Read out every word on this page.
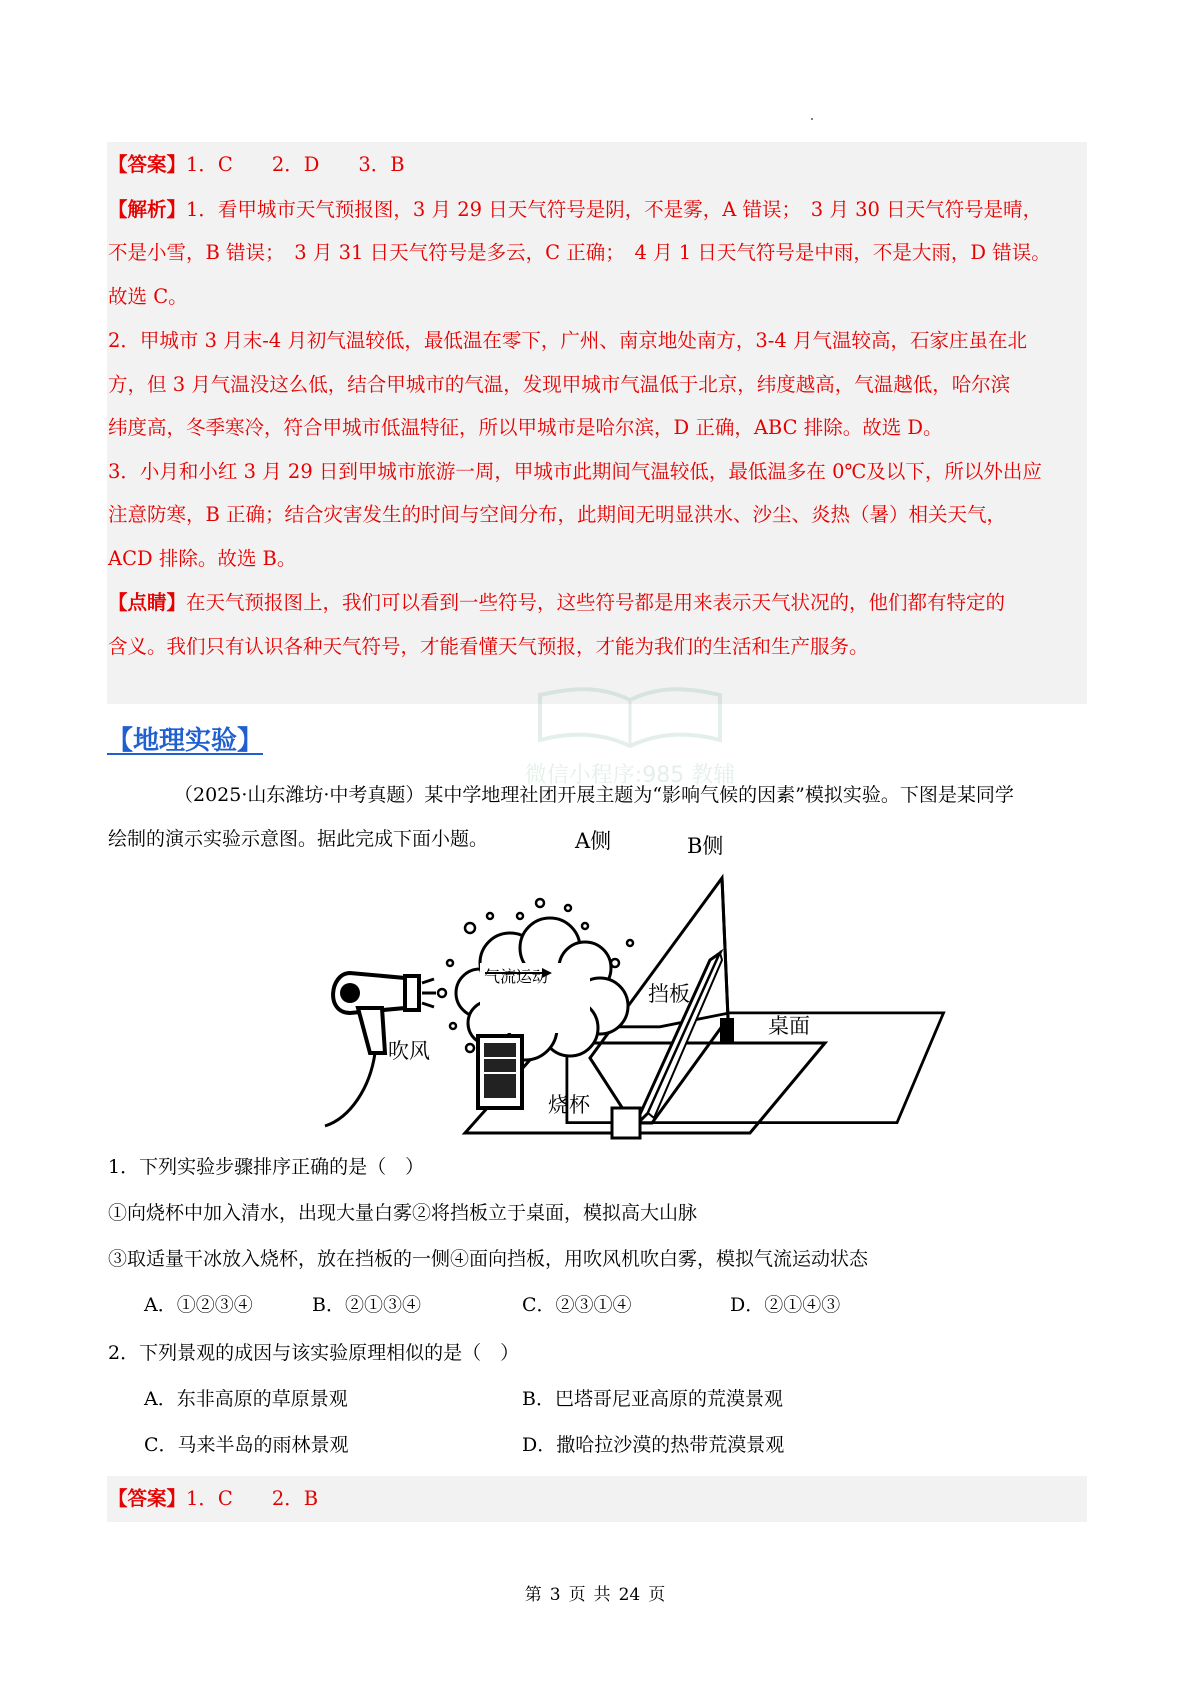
【答案】1．C　　2．D　　3．B
【解析】1．看甲城市天气预报图，3 月 29 日天气符号是阴，不是雾，A 错误；　3 月 30 日天气符号是晴，
不是小雪，B 错误；　3 月 31 日天气符号是多云，C 正确；　4 月 1 日天气符号是中雨，不是大雨，D 错误。
故选 C。
2．甲城市 3 月末-4 月初气温较低，最低温在零下，广州、南京地处南方，3-4 月气温较高，石家庄虽在北
方，但 3 月气温没这么低，结合甲城市的气温，发现甲城市气温低于北京，纬度越高，气温越低，哈尔滨
纬度高，冬季寒冷，符合甲城市低温特征，所以甲城市是哈尔滨，D 正确，ABC 排除。故选 D。
3．小月和小红 3 月 29 日到甲城市旅游一周，甲城市此期间气温较低，最低温多在 0℃及以下，所以外出应
注意防寒，B 正确；结合灾害发生的时间与空间分布，此期间无明显洪水、沙尘、炎热（暑）相关天气，
ACD 排除。故选 B。
【点睛】在天气预报图上，我们可以看到一些符号，这些符号都是用来表示天气状况的，他们都有特定的
含义。我们只有认识各种天气符号，才能看懂天气预报，才能为我们的生活和生产服务。
微信小程序:985 教辅
【地理实验】
（2025·山东潍坊·中考真题）某中学地理社团开展主题为“影响气候的因素”模拟实验。下图是某同学
绘制的演示实验示意图。据此完成下面小题。	A侧	B侧
气流运动
挡板
桌面
吹风
烧杯
1．下列实验步骤排序正确的是（　）
①向烧杯中加入清水，出现大量白雾②将挡板立于桌面，模拟高大山脉
③取适量干冰放入烧杯，放在挡板的一侧④面向挡板，用吹风机吹白雾，模拟气流运动状态
A．①②③④	B．②①③④	C．②③①④	D．②①④③
2．下列景观的成因与该实验原理相似的是（　）
A．东非高原的草原景观	B．巴塔哥尼亚高原的荒漠景观
C．马来半岛的雨林景观	D．撒哈拉沙漠的热带荒漠景观
【答案】1．C　　2．B
第 3 页 共 24 页
